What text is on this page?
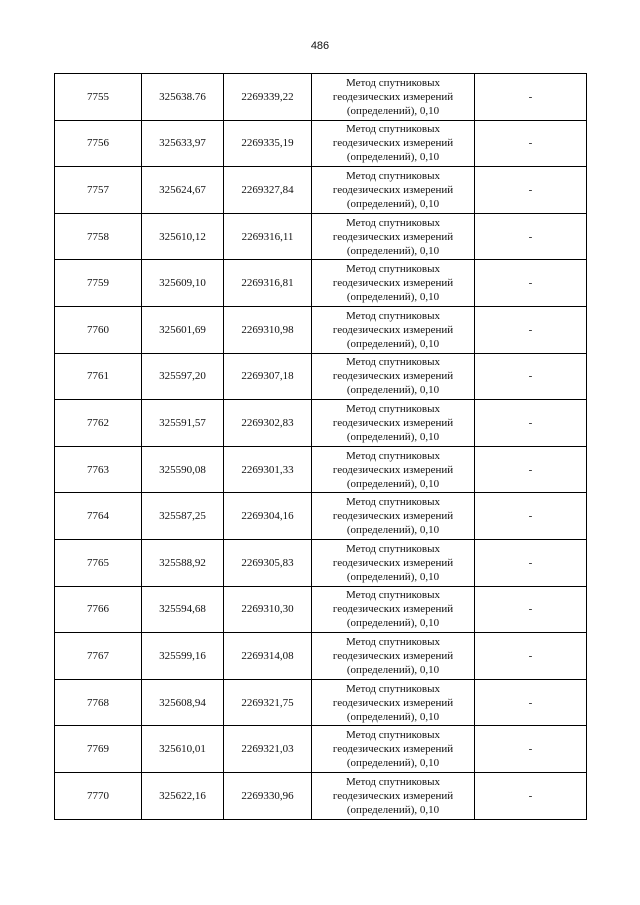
486
7755	325638.76	2269339,22	Метод спутниковых
геодезических измерений
(определений), 0,10	-
7756	325633,97	2269335,19	Метод спутниковых
геодезических измерений
(определений), 0,10	-
7757	325624,67	2269327,84	Метод спутниковых
геодезических измерений
(определений), 0,10	-
7758	325610,12	2269316,11	Метод спутниковых
геодезических измерений
(определений), 0,10	-
7759	325609,10	2269316,81	Метод спутниковых
геодезических измерений
(определений), 0,10	-
7760	325601,69	2269310,98	Метод спутниковых
геодезических измерений
(определений), 0,10	-
7761	325597,20	2269307,18	Метод спутниковых
геодезических измерений
(определений), 0,10	-
7762	325591,57	2269302,83	Метод спутниковых
геодезических измерений
(определений), 0,10	-
7763	325590,08	2269301,33	Метод спутниковых
геодезических измерений
(определений), 0,10	-
7764	325587,25	2269304,16	Метод спутниковых
геодезических измерений
(определений), 0,10	-
7765	325588,92	2269305,83	Метод спутниковых
геодезических измерений
(определений), 0,10	-
7766	325594,68	2269310,30	Метод спутниковых
геодезических измерений
(определений), 0,10	-
7767	325599,16	2269314,08	Метод спутниковых
геодезических измерений
(определений), 0,10	-
7768	325608,94	2269321,75	Метод спутниковых
геодезических измерений
(определений), 0,10	-
7769	325610,01	2269321,03	Метод спутниковых
геодезических измерений
(определений), 0,10	-
7770	325622,16	2269330,96	Метод спутниковых
геодезических измерений
(определений), 0,10	-
